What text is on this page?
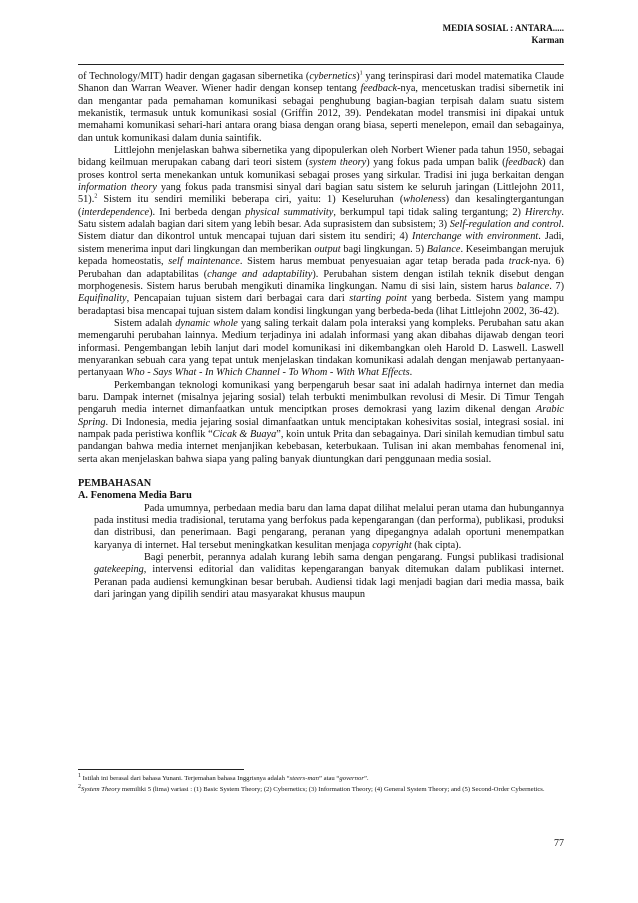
MEDIA SOSIAL : ANTARA.....
Karman

of Technology/MIT) hadir dengan gagasan sibernetika (cybernetics)$^1$ yang terinspirasi dari model matematika Claude Shanon dan Warran Weaver. Wiener hadir dengan konsep tentang feedback-nya, mencetuskan tradisi sibernetik ini dan mengantar pada pemahaman komunikasi sebagai penghubung bagian-bagian terpisah dalam suatu sistem mekanistik, termasuk untuk komunikasi sosial (Griffin 2012, 39). Pendekatan model transmisi ini dipakai untuk memahami komunikasi sehari-hari antara orang biasa dengan orang biasa, seperti menelepon, email dan sebagainya, dan untuk komunikasi dalam dunia saintifik.

Littlejohn menjelaskan bahwa sibernetika yang dipopulerkan oleh Norbert Wiener pada tahun 1950, sebagai bidang keilmuan merupakan cabang dari teori sistem (system theory) yang fokus pada umpan balik (feedback) dan proses kontrol serta menekankan untuk komunikasi sebagai proses yang sirkular. Tradisi ini juga berkaitan dengan information theory yang fokus pada transmisi sinyal dari bagian satu sistem ke seluruh jaringan (Littlejohn 2011, 51).$^2$ Sistem itu sendiri memiliki beberapa ciri, yaitu: 1) Keseluruhan (wholeness) dan kesalingtergantungan (interdependence). Ini berbeda dengan physical summativity, berkumpul tapi tidak saling tergantung; 2) Hirerchy. Satu sistem adalah bagian dari sitem yang lebih besar. Ada suprasistem dan subsistem; 3) Self-regulation and control. Sistem diatur dan dikontrol untuk mencapai tujuan dari sistem itu sendiri; 4) Interchange with environment. Jadi, sistem menerima input dari lingkungan dan memberikan output bagi lingkungan. 5) Balance. Keseimbangan merujuk kepada homeostatis, self maintenance. Sistem harus membuat penyesuaian agar tetap berada pada track-nya. 6) Perubahan dan adaptabilitas (change and adaptability). Perubahan sistem dengan istilah teknik disebut dengan morphogenesis. Sistem harus berubah mengikuti dinamika lingkungan. Namu di sisi lain, sistem harus balance. 7) Equifinality, Pencapaian tujuan sistem dari berbagai cara dari starting point yang berbeda. Sistem yang mampu beradaptasi bisa mencapai tujuan sistem dalam kondisi lingkungan yang berbeda-beda (lihat Littlejohn 2002, 36-42).

Sistem adalah dynamic whole yang saling terkait dalam pola interaksi yang kompleks. Perubahan satu akan memengaruhi perubahan lainnya. Medium terjadinya ini adalah informasi yang akan dibahas dijawab dengan teori informasi. Pengembangan lebih lanjut dari model komunikasi ini dikembangkan oleh Harold D. Laswell. Laswell menyarankan sebuah cara yang tepat untuk menjelaskan tindakan komunikasi adalah dengan menjawab pertanyaan-pertanyaan Who - Says What - In Which Channel - To Whom - With What Effects.

Perkembangan teknologi komunikasi yang berpengaruh besar saat ini adalah hadirnya internet dan media baru. Dampak internet (misalnya jejaring sosial) telah terbukti menimbulkan revolusi di Mesir. Di Timur Tengah pengaruh media internet dimanfaatkan untuk menciptkan proses demokrasi yang lazim dikenal dengan Arabic Spring. Di Indonesia, media jejaring sosial dimanfaatkan untuk menciptakan kohesivitas sosial, integrasi sosial. ini nampak pada peristiwa konflik “Cicak & Buaya”, koin untuk Prita dan sebagainya. Dari sinilah kemudian timbul satu pandangan bahwa media internet menjanjikan kebebasan, keterbukaan. Tulisan ini akan membahas fenomenal ini, serta akan menjelaskan bahwa siapa yang paling banyak diuntungkan dari penggunaan media sosial.

PEMBAHASAN

A. Fenomena Media Baru

Pada umumnya, perbedaan media baru dan lama dapat dilihat melalui peran utama dan hubungannya pada institusi media tradisional, terutama yang berfokus pada kepengarangan (dan performa), publikasi, produksi dan distribusi, dan penerimaan. Bagi pengarang, peranan yang dipegangnya adalah oportuni menempatkan karyanya di internet. Hal tersebut meningkatkan kesulitan menjaga copyright (hak cipta).

Bagi penerbit, perannya adalah kurang lebih sama dengan pengarang. Fungsi publikasi tradisional gatekeeping, intervensi editorial dan validitas kepengarangan banyak ditemukan dalam publikasi internet. Peranan pada audiensi kemungkinan besar berubah. Audiensi tidak lagi menjadi bagian dari media massa, baik dari jaringan yang dipilih sendiri atau masyarakat khusus maupun

$^1$ Istilah ini berasal dari bahasa Yunani. Terjemahan bahasa Inggrisnya adalah “steers-man” atau “governor”.

$^2$System Theory memiliki 5 (lima) variasi : (1) Basic System Theory; (2) Cybernetics; (3) Information Theory; (4) General System Theory; and (5) Second-Order Cybernetics.

77
